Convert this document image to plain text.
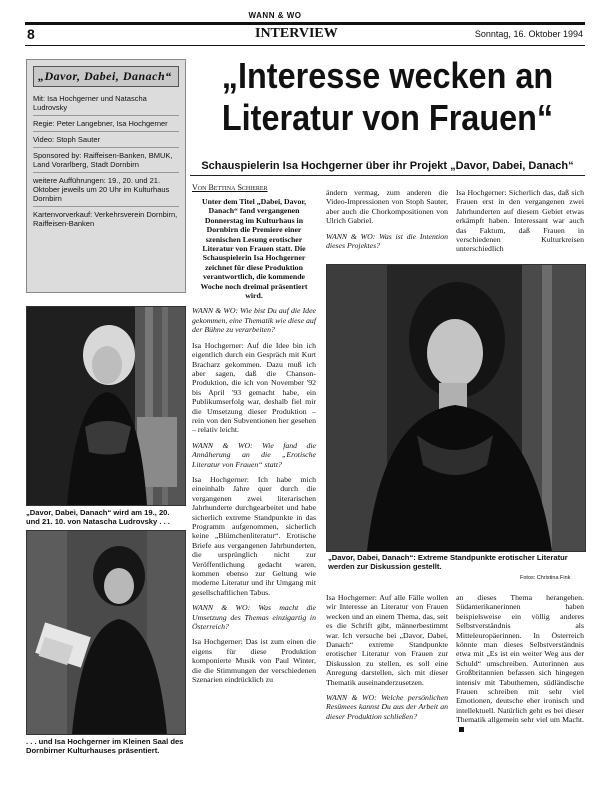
WANN & WO
8	INTERVIEW	Sonntag, 16. Oktober 1994
„Davor, Dabei, Danach“
Mit: Isa Hochgerner und Natascha Ludrovsky
Regie: Peter Langebner, Isa Hochgerner
Video: Stoph Sauter
Sponsored by: Raiffeisen-Banken, BMUK, Land Vorarlberg, Stadt Dornbirn
weitere Aufführungen: 19., 20. und 21. Oktober jeweils um 20 Uhr im Kulturhaus Dornbirn
Kartenvorverkauf: Verkehrsverein Dornbirn, Raiffeisen-Banken
„Interesse wecken an Literatur von Frauen“
Schauspielerin Isa Hochgerner über ihr Projekt „Davor, Dabei, Danach“
Von Bettina Schierer
„Davor, Dabei, Danach“ wird am 19., 20. und 21. 10. von Natascha Ludrovsky . . .
. . . und Isa Hochgerner im Kleinen Saal des Dornbirner Kulturhauses präsentiert.

Unter dem Titel „Dabei, Davor, Danach“ fand vergangenen Donnerstag im Kulturhaus in Dornbirn die Premiere einer szenischen Lesung erotischer Literatur von Frauen statt. Die Schauspielerin Isa Hochgerner zeichnet für diese Produktion verantwortlich, die kommende Woche noch dreimal präsentiert wird.

WANN & WO: Wie bist Du auf die Idee gekommen, eine Thematik wie diese auf der Bühne zu verarbeiten?

Isa Hochgerner: Auf die Idee bin ich eigentlich durch ein Gespräch mit Kurt Bracharz gekommen. Dazu muß ich aber sagen, daß die Chanson-Produktion, die ich von November '92 bis April '93 gemacht habe, ein Publikumserfolg war, deshalb fiel mir die Umsetzung dieser Produktion – rein von den Subventionen her gesehen – relativ leicht.

WANN & WO: Wie fand die Annäherung an die „Erotische Literatur von Frauen“ statt?

Isa Hochgerner: Ich habe mich eineinhalb Jahre quer durch die vergangenen zwei literarischen Jahrhunderte durchgearbeitet und habe sicherlich extreme Standpunkte in das Programm aufgenommen, sicherlich keine „Blümchenliteratur“. Erotische Briefe aus vergangenen Jahrhunderten, die ursprünglich nicht zur Veröffentlichung gedacht waren, kommen ebenso zur Geltung wie moderne Literatur und ihr Umgang mit gesellschaftlichen Tabus.

WANN & WO: Was macht die Umsetzung des Themas einzigartig in Österreich?

Isa Hochgerner: Das ist zum einen die eigens für diese Produktion komponierte Musik von Paul Winter, die die Stimmungen der verschiedenen Szenarien eindrücklich zu

ändern vermag, zum anderen die Video-Impressionen von Stoph Sauter, aber auch die Chorkompositionen von Ulrich Gabriel.

WANN & WO: Was ist die Intention dieses Projektes?

Isa Hochgerner: Sicherlich das, daß sich Frauen erst in den vergangenen zwei Jahrhunderten auf diesem Gebiet etwas erkämpft haben. Interessant war auch das Faktum, daß Frauen in verschiedenen Kulturkreisen unterschiedlich

„Davor, Dabei, Danach“: Extreme Standpunkte erotischer Literatur werden zur Diskussion gestellt.
Fotos: Christina Fink

Isa Hochgerner: Auf alle Fälle wollen wir Interesse an Literatur von Frauen wecken und an einem Thema, das, seit es die Schrift gibt, männerbestimmt war. Ich versuche bei „Davor, Dabei, Danach“ extreme Standpunkte erotischer Literatur von Frauen zur Diskussion zu stellen, es soll eine Anregung darstellen, sich mit dieser Thematik auseinanderzusetzen.

WANN & WO: Welche persönlichen Resümees kannst Du aus der Arbeit an dieser Produktion schließen?

an dieses Thema herangehen. Südamerikanerinnen haben beispielsweise ein völlig anderes Selbstverständnis als Mitteleuropäerinnen. In Österreich könnte man dieses Selbstverständnis etwa mit „Es ist ein weiter Weg aus der Schuld“ umschreiben. Autorinnen aus Großbritannien befassen sich hingegen intensiv mit Tabuthemen, südländische Frauen schreiben mit sehr viel Emotionen, deutsche eher ironisch und intellektuell. Natürlich geht es bei dieser Thematik allgemein sehr viel um Macht.
